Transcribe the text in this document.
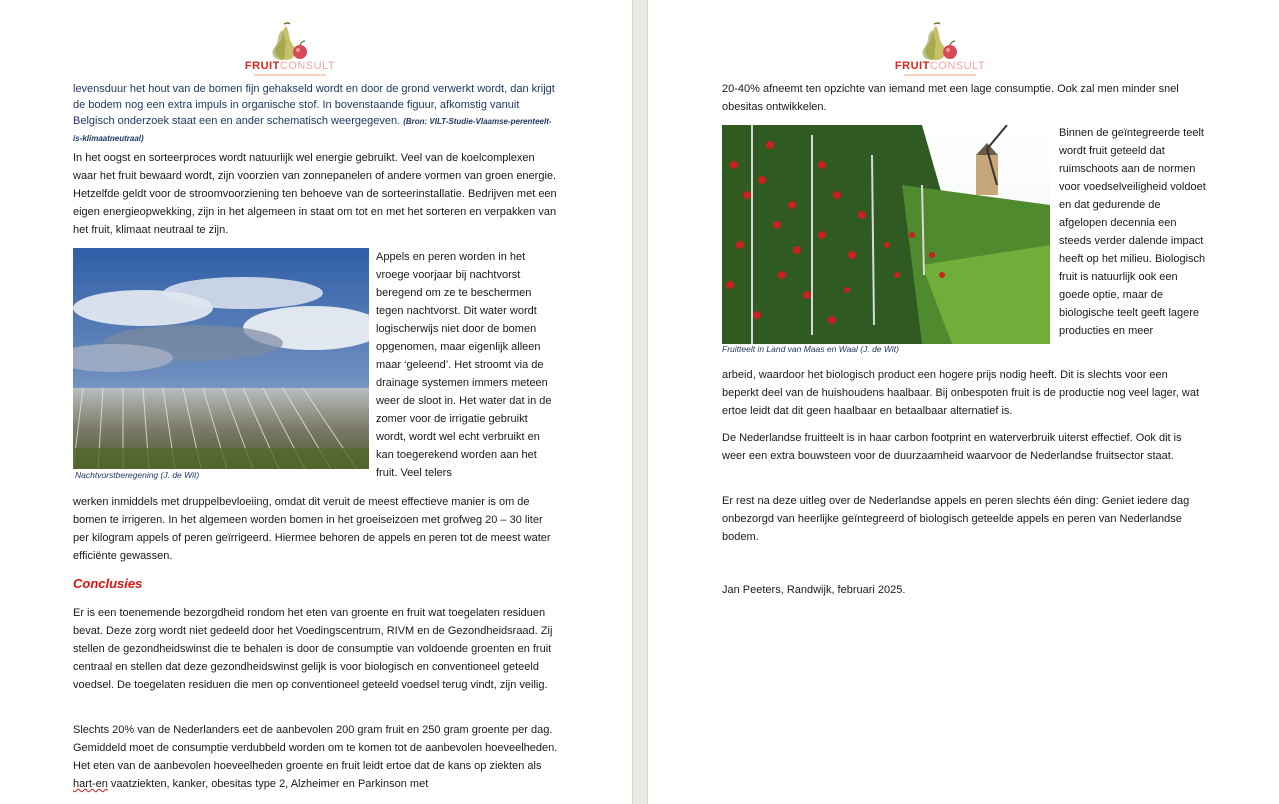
FRUITCONSULT

levensduur het hout van de bomen fijn gehakseld wordt en door de grond verwerkt wordt, dan krijgt de bodem nog een extra impuls in organische stof. In bovenstaande figuur, afkomstig vanuit Belgisch onderzoek staat een en ander schematisch weergegeven. (Bron: VILT-Studie-Vlaamse-perenteelt-is-klimaatneutraal)

In het oogst en sorteerproces wordt natuurlijk wel energie gebruikt. Veel van de koelcomplexen waar het fruit bewaard wordt, zijn voorzien van zonnepanelen of andere vormen van groen energie. Hetzelfde geldt voor de stroomvoorziening ten behoeve van de sorteerinstallatie. Bedrijven met een eigen energieopwekking, zijn in het algemeen in staat om tot en met het sorteren en verpakken van het fruit, klimaat neutraal te zijn.

Nachtvorstberegening (J. de Wit)

Appels en peren worden in het vroege voorjaar bij nachtvorst beregend om ze te beschermen tegen nachtvorst. Dit water wordt logischerwijs niet door de bomen opgenomen, maar eigenlijk alleen maar ‘geleend’. Het stroomt via de drainage systemen immers meteen weer de sloot in. Het water dat in de zomer voor de irrigatie gebruikt wordt, wordt wel echt verbruikt en kan toegerekend worden aan het fruit. Veel telers

werken inmiddels met druppelbevloeiing, omdat dit veruit de meest effectieve manier is om de bomen te irrigeren. In het algemeen worden bomen in het groeiseizoen met grofweg 20 – 30 liter per kilogram appels of peren geïrrigeerd. Hiermee behoren de appels en peren tot de meest water efficiënte gewassen.

Conclusies

Er is een toenemende bezorgdheid rondom het eten van groente en fruit wat toegelaten residuen bevat. Deze zorg wordt niet gedeeld door het Voedingscentrum, RIVM en de Gezondheidsraad. Zij stellen de gezondheidswinst die te behalen is door de consumptie van voldoende groenten en fruit centraal en stellen dat deze gezondheidswinst gelijk is voor biologisch en conventioneel geteeld voedsel. De toegelaten residuen die men op conventioneel geteeld voedsel terug vindt, zijn veilig.

Slechts 20% van de Nederlanders eet de aanbevolen 200 gram fruit en 250 gram groente per dag. Gemiddeld moet de consumptie verdubbeld worden om te komen tot de aanbevolen hoeveelheden. Het eten van de aanbevolen hoeveelheden groente en fruit leidt ertoe dat de kans op ziekten als hart-en vaatziekten, kanker, obesitas type 2, Alzheimer en Parkinson met

FRUITCONSULT

20-40% afneemt ten opzichte van iemand met een lage consumptie. Ook zal men minder snel obesitas ontwikkelen.

Fruitteelt in Land van Maas en Waal (J. de Wit)

Binnen de geïntegreerde teelt wordt fruit geteeld dat ruimschoots aan de normen voor voedselveiligheid voldoet en dat gedurende de afgelopen decennia een steeds verder dalende impact heeft op het milieu. Biologisch fruit is natuurlijk ook een goede optie, maar de biologische teelt geeft lagere producties en meer

arbeid, waardoor het biologisch product een hogere prijs nodig heeft. Dit is slechts voor een beperkt deel van de huishoudens haalbaar. Bij onbespoten fruit is de productie nog veel lager, wat ertoe leidt dat dit geen haalbaar en betaalbaar alternatief is.

De Nederlandse fruitteelt is in haar carbon footprint en waterverbruik uiterst effectief. Ook dit is weer een extra bouwsteen voor de duurzaamheid waarvoor de Nederlandse fruitsector staat.

Er rest na deze uitleg over de Nederlandse appels en peren slechts één ding: Geniet iedere dag onbezorgd van heerlijke geïntegreerd of biologisch geteelde appels en peren van Nederlandse bodem.

Jan Peeters, Randwijk, februari 2025.
